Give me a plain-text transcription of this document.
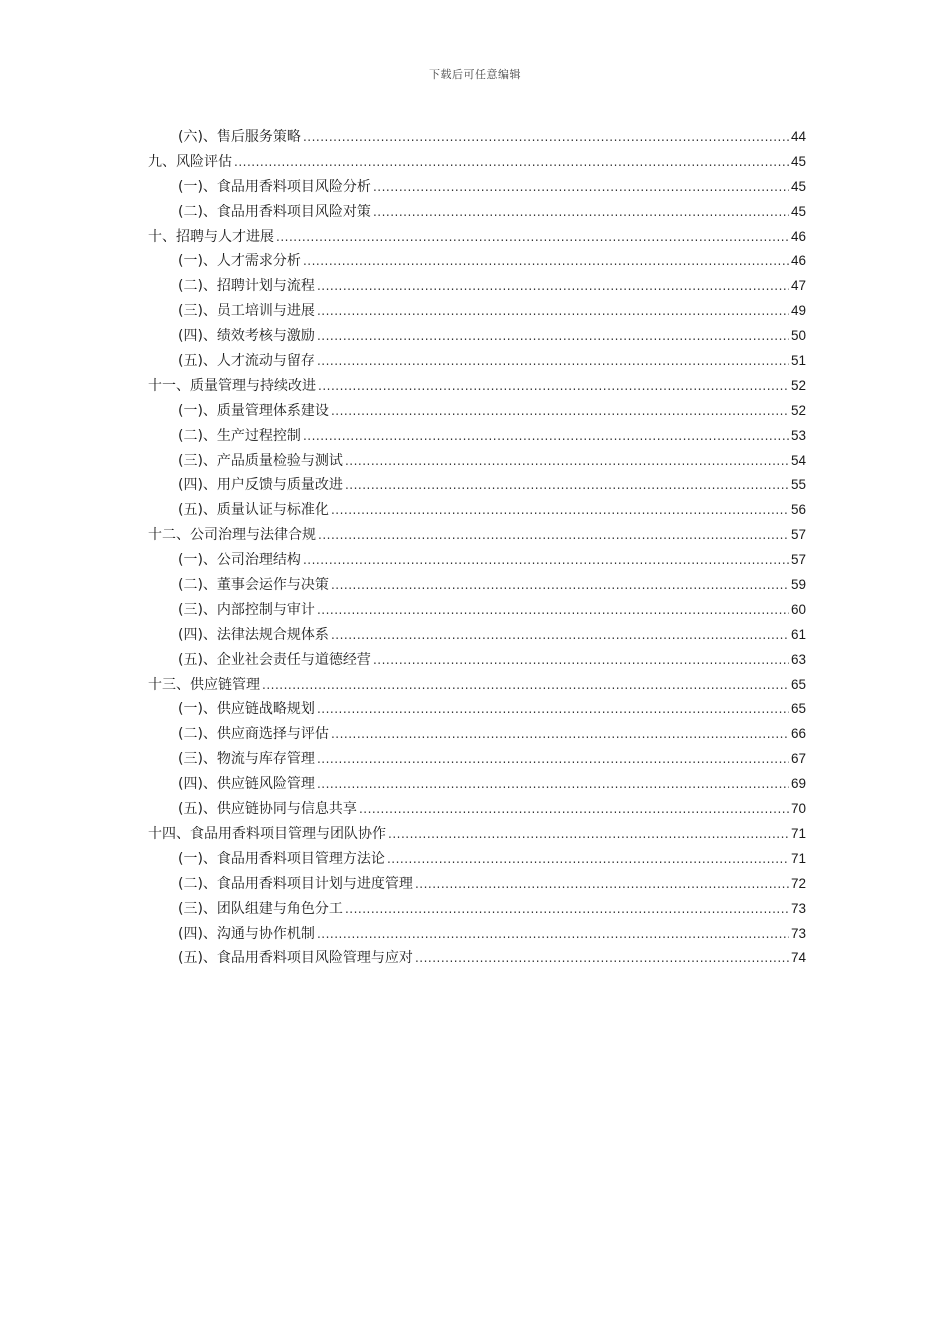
下载后可任意编辑
(六)、售后服务策略 .....	44
九、风险评估 .....	45
(一)、食品用香料项目风险分析 .....	45
(二)、食品用香料项目风险对策 .....	45
十、招聘与人才进展 .....	46
(一)、人才需求分析 .....	46
(二)、招聘计划与流程 .....	47
(三)、员工培训与进展 .....	49
(四)、绩效考核与激励 .....	50
(五)、人才流动与留存 .....	51
十一、质量管理与持续改进 .....	52
(一)、质量管理体系建设 .....	52
(二)、生产过程控制 .....	53
(三)、产品质量检验与测试 .....	54
(四)、用户反馈与质量改进 .....	55
(五)、质量认证与标准化 .....	56
十二、公司治理与法律合规 .....	57
(一)、公司治理结构 .....	57
(二)、董事会运作与决策 .....	59
(三)、内部控制与审计 .....	60
(四)、法律法规合规体系 .....	61
(五)、企业社会责任与道德经营 .....	63
十三、供应链管理 .....	65
(一)、供应链战略规划 .....	65
(二)、供应商选择与评估 .....	66
(三)、物流与库存管理 .....	67
(四)、供应链风险管理 .....	69
(五)、供应链协同与信息共享 .....	70
十四、食品用香料项目管理与团队协作 .....	71
(一)、食品用香料项目管理方法论 .....	71
(二)、食品用香料项目计划与进度管理 .....	72
(三)、团队组建与角色分工 .....	73
(四)、沟通与协作机制 .....	73
(五)、食品用香料项目风险管理与应对 .....	74
